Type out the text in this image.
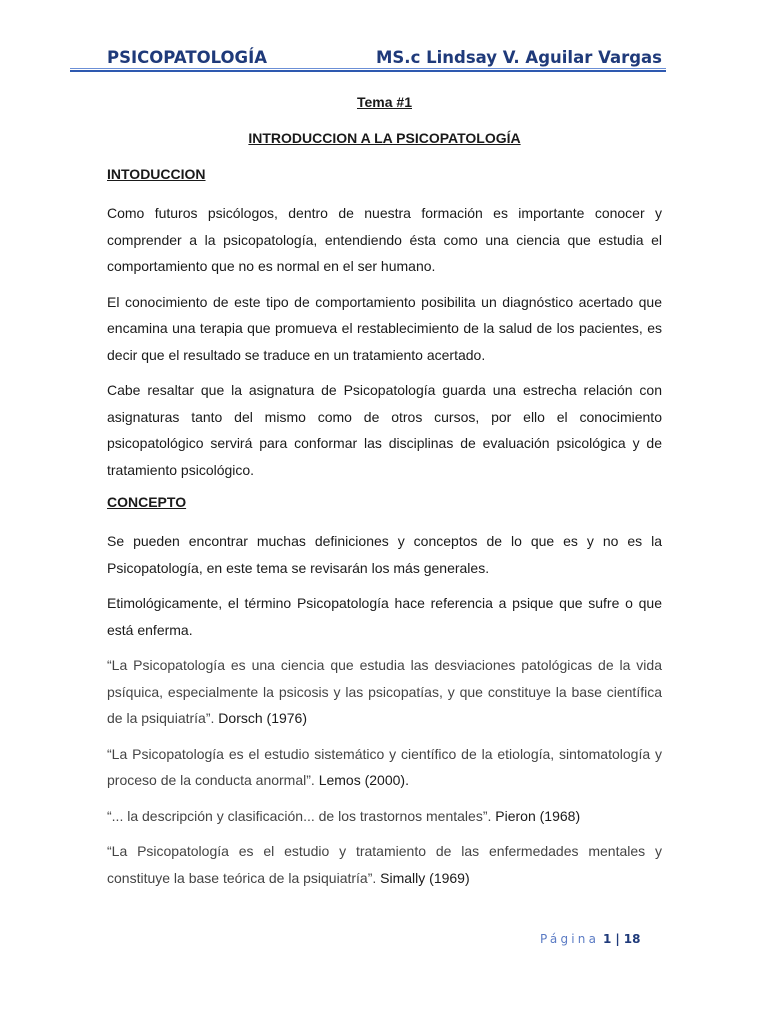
PSICOPATOLOGÍA	MS.c Lindsay V. Aguilar Vargas

Tema #1

INTRODUCCION A LA PSICOPATOLOGÍA

INTODUCCION

Como futuros psicólogos, dentro de nuestra formación es importante conocer y comprender a la psicopatología, entendiendo ésta como una ciencia que estudia el comportamiento que no es normal en el ser humano.

El conocimiento de este tipo de comportamiento posibilita un diagnóstico acertado que encamina una terapia que promueva el restablecimiento de la salud de los pacientes, es decir que el resultado se traduce en un tratamiento acertado.

Cabe resaltar que la asignatura de Psicopatología guarda una estrecha relación con asignaturas tanto del mismo como de otros cursos, por ello el conocimiento psicopatológico servirá para conformar las disciplinas de evaluación psicológica y de tratamiento psicológico.

CONCEPTO

Se pueden encontrar muchas definiciones y conceptos de lo que es y no es la Psicopatología, en este tema se revisarán los más generales.

Etimológicamente, el término Psicopatología hace referencia a psique que sufre o que está enferma.

“La Psicopatología es una ciencia que estudia las desviaciones patológicas de la vida psíquica, especialmente la psicosis y las psicopatías, y que constituye la base científica de la psiquiatría”. Dorsch (1976)

“La Psicopatología es el estudio sistemático y científico de la etiología, sintomatología y proceso de la conducta anormal”. Lemos (2000).

“... la descripción y clasificación... de los trastornos mentales”. Pieron (1968)

“La Psicopatología es el estudio y tratamiento de las enfermedades mentales y constituye la base teórica de la psiquiatría”. Simally (1969)

Página 1 | 18
